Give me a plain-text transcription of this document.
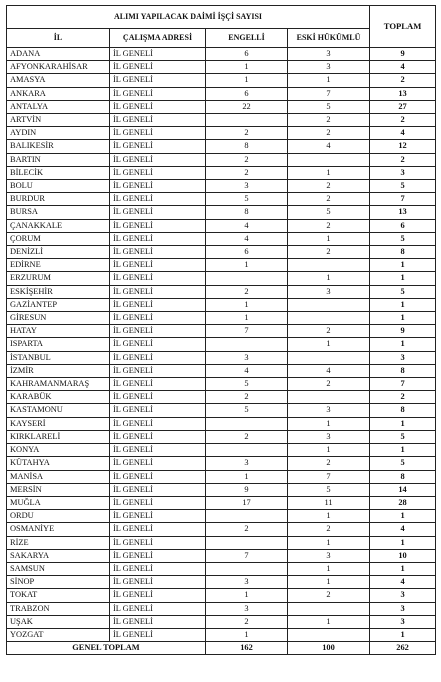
ALIMI YAPILACAK DAİMİ İŞÇİ SAYISI				TOPLAM
İL	ÇALIŞMA ADRESİ	ENGELLİ	ESKİ HÜKÜMLÜ	
ADANA	İL GENELİ	6	3	9
AFYONKARAHİSAR	İL GENELİ	1	3	4
AMASYA	İL GENELİ	1	1	2
ANKARA	İL GENELİ	6	7	13
ANTALYA	İL GENELİ	22	5	27
ARTVİN	İL GENELİ		2	2
AYDIN	İL GENELİ	2	2	4
BALIKESİR	İL GENELİ	8	4	12
BARTIN	İL GENELİ	2		2
BİLECİK	İL GENELİ	2	1	3
BOLU	İL GENELİ	3	2	5
BURDUR	İL GENELİ	5	2	7
BURSA	İL GENELİ	8	5	13
ÇANAKKALE	İL GENELİ	4	2	6
ÇORUM	İL GENELİ	4	1	5
DENİZLİ	İL GENELİ	6	2	8
EDİRNE	İL GENELİ	1		1
ERZURUM	İL GENELİ		1	1
ESKİŞEHİR	İL GENELİ	2	3	5
GAZİANTEP	İL GENELİ	1		1
GİRESUN	İL GENELİ	1		1
HATAY	İL GENELİ	7	2	9
ISPARTA	İL GENELİ		1	1
İSTANBUL	İL GENELİ	3		3
İZMİR	İL GENELİ	4	4	8
KAHRAMANMARAŞ	İL GENELİ	5	2	7
KARABÜK	İL GENELİ	2		2
KASTAMONU	İL GENELİ	5	3	8
KAYSERİ	İL GENELİ		1	1
KIRKLARELİ	İL GENELİ	2	3	5
KONYA	İL GENELİ		1	1
KÜTAHYA	İL GENELİ	3	2	5
MANİSA	İL GENELİ	1	7	8
MERSİN	İL GENELİ	9	5	14
MUĞLA	İL GENELİ	17	11	28
ORDU	İL GENELİ		1	1
OSMANİYE	İL GENELİ	2	2	4
RİZE	İL GENELİ		1	1
SAKARYA	İL GENELİ	7	3	10
SAMSUN	İL GENELİ		1	1
SİNOP	İL GENELİ	3	1	4
TOKAT	İL GENELİ	1	2	3
TRABZON	İL GENELİ	3		3
UŞAK	İL GENELİ	2	1	3
YOZGAT	İL GENELİ	1		1
GENEL TOPLAM		162	100	262
